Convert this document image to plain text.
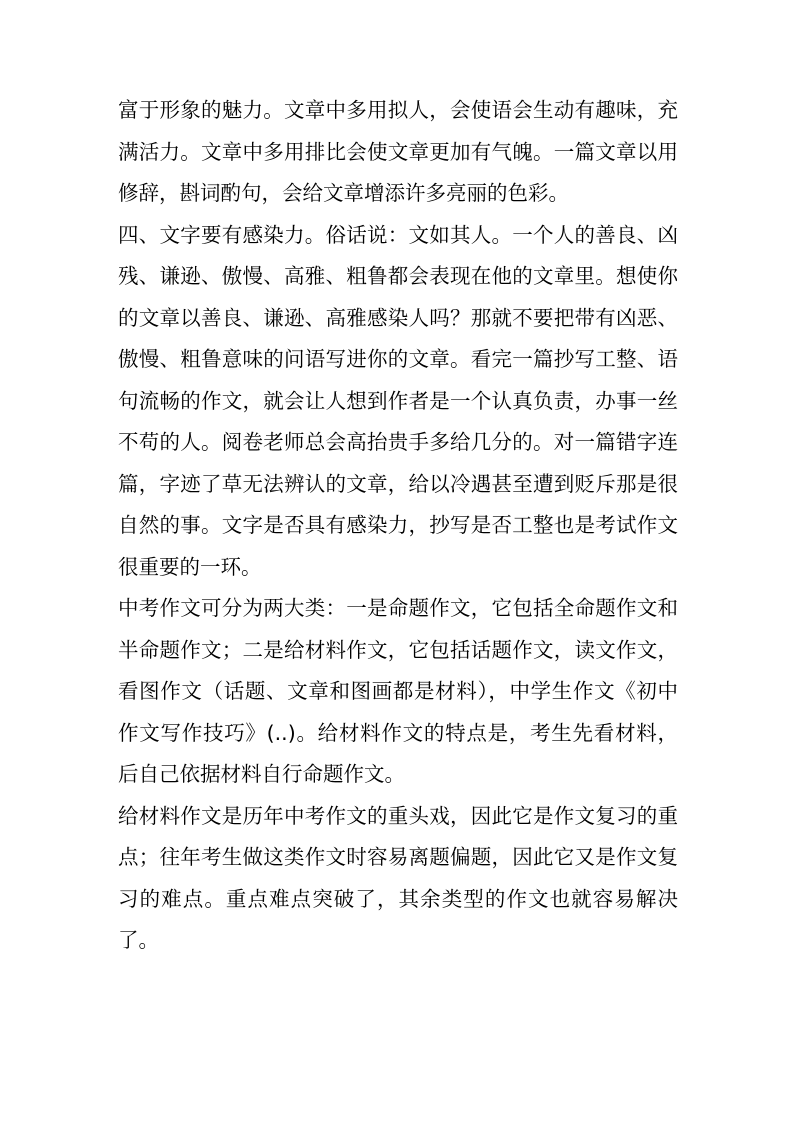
富于形象的魅力。文章中多用拟人，会使语会生动有趣味，充满活力。文章中多用排比会使文章更加有气魄。一篇文章以用修辞，斟词酌句，会给文章增添许多亮丽的色彩。

四、文字要有感染力。俗话说：文如其人。一个人的善良、凶残、谦逊、傲慢、高雅、粗鲁都会表现在他的文章里。想使你的文章以善良、谦逊、高雅感染人吗？那就不要把带有凶恶、傲慢、粗鲁意味的问语写进你的文章。看完一篇抄写工整、语句流畅的作文，就会让人想到作者是一个认真负责，办事一丝不苟的人。阅卷老师总会高抬贵手多给几分的。对一篇错字连篇，字迹了草无法辨认的文章，给以冷遇甚至遭到贬斥那是很自然的事。文字是否具有感染力，抄写是否工整也是考试作文很重要的一环。

中考作文可分为两大类：一是命题作文，它包括全命题作文和半命题作文；二是给材料作文，它包括话题作文，读文作文，看图作文（话题、文章和图画都是材料），中学生作文《初中作文写作技巧》(..)。给材料作文的特点是，考生先看材料，后自己依据材料自行命题作文。

给材料作文是历年中考作文的重头戏，因此它是作文复习的重点；往年考生做这类作文时容易离题偏题，因此它又是作文复习的难点。重点难点突破了，其余类型的作文也就容易解决了。
